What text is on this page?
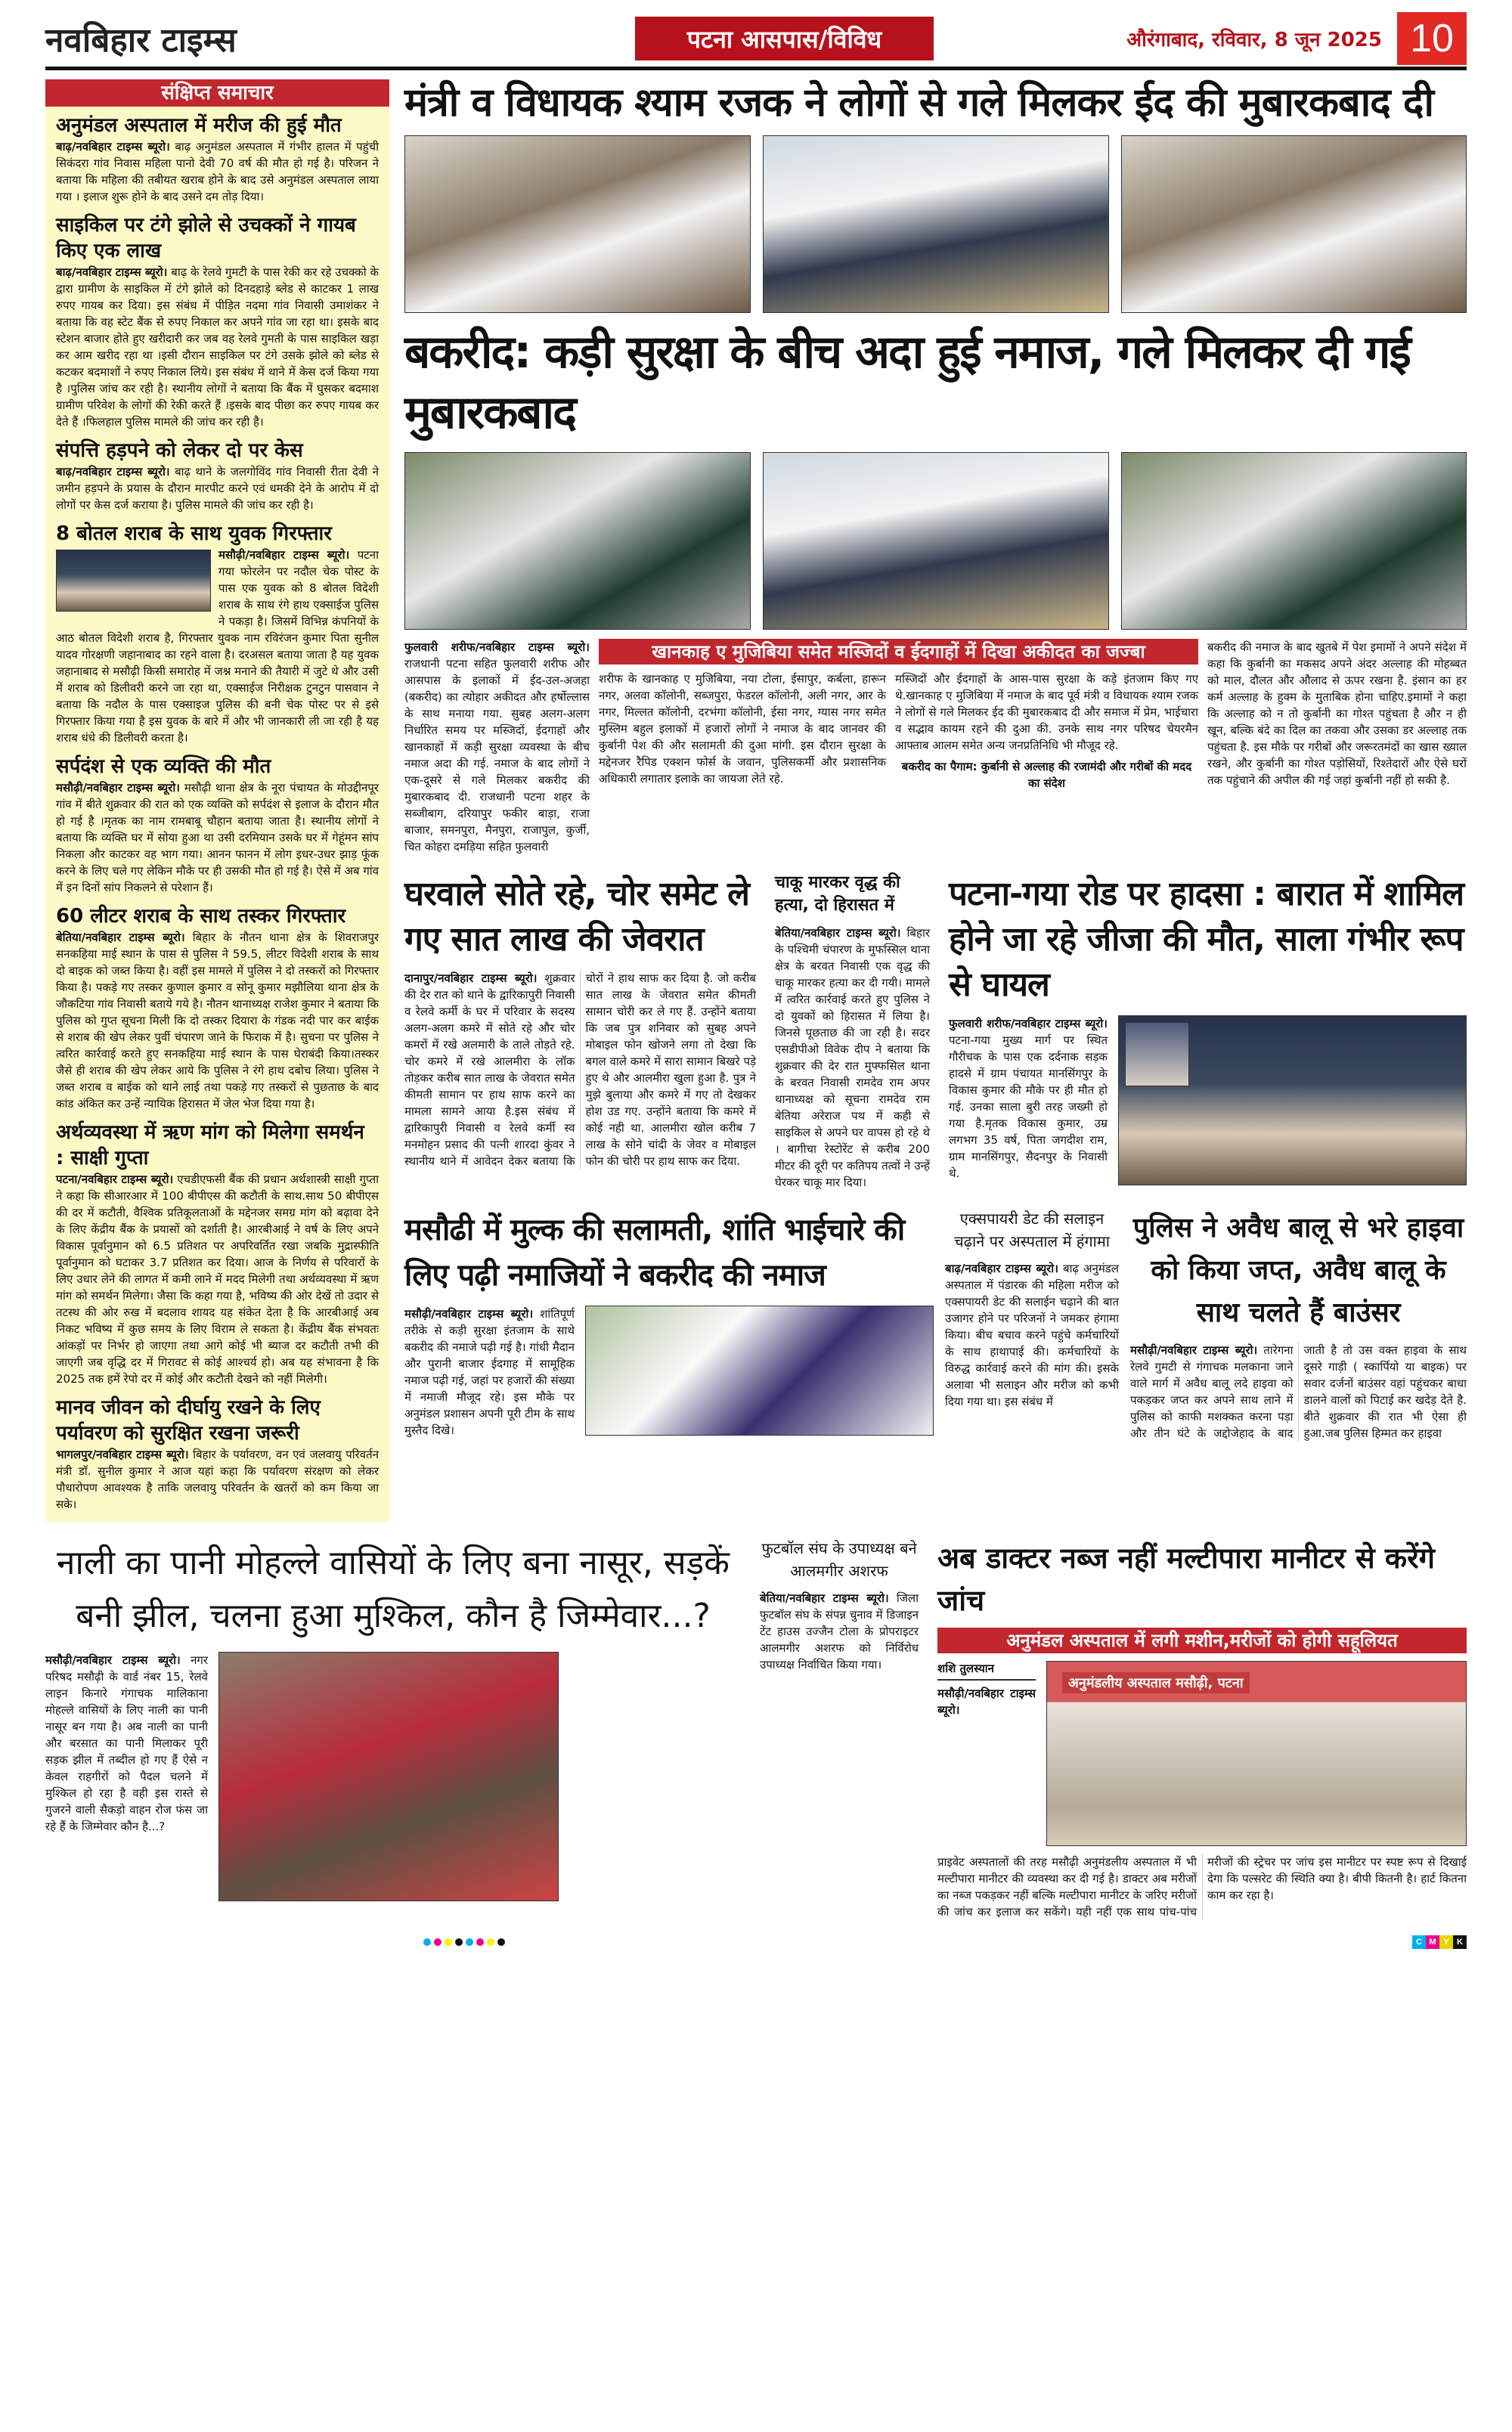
नवबिहार टाइम्स	पटना आसपास/विविध	औरंगाबाद, रविवार, 8 जून 2025 10
संक्षिप्त समाचार
अनुमंडल अस्पताल में मरीज की हुई मौत

बाढ़/नवबिहार टाइम्स ब्यूरो। बाढ़ अनुमंडल अस्पताल में गंभीर हालत में पहुंची सिकंदरा गांव निवास महिला पानो देवी 70 वर्ष की मौत हो गई है। परिजन ने बताया कि महिला की तबीयत खराब होने के बाद उसे अनुमंडल अस्पताल लाया गया । इलाज शुरू होने के बाद उसने दम तोड़ दिया।

साइकिल पर टंगे झोले से उचक्कों ने गायब किए एक लाख

बाढ़/नवबिहार टाइम्स ब्यूरो। बाढ़ के रेलवे गुमटी के पास रेकी कर रहे उचक्को के द्वारा ग्रामीण के साइकिल में टंगे झोले को दिनदहाड़े ब्लेड से काटकर 1 लाख रुपए गायब कर दिया। इस संबंध में पीड़ित नदमा गांव निवासी उमाशंकर ने बताया कि वह स्टेट बैंक से रुपए निकाल कर अपने गांव जा रहा था। इसके बाद स्टेशन बाजार होते हुए खरीदारी कर जब वह रेलवे गुमती के पास साइकिल खड़ा कर आम खरीद रहा था ।इसी दौरान साइकिल पर टंगे उसके झोले को ब्लेड से कटकर बदमाशों ने रुपए निकाल लिये। इस संबंध में थाने में केस दर्ज किया गया है ।पुलिस जांच कर रही है। स्थानीय लोगों ने बताया कि बैंक में घुसकर बदमाश ग्रामीण परिवेश के लोगों की रेकी करते हैं ।इसके बाद पीछा कर रुपए गायब कर देते हैं ।फिलहाल पुलिस मामले की जांच कर रही है।

संपत्ति हड़पने को लेकर दो पर केस

बाढ़/नवबिहार टाइम्स ब्यूरो। बाढ़ थाने के जलगोविंद गांव निवासी रीता देवी ने जमीन हड़पने के प्रयास के दौरान मारपीट करने एवं धमकी देने के आरोप में दो लोगों पर केस दर्ज कराया है। पुलिस मामले की जांच कर रही है।

8 बोतल शराब के साथ युवक गिरफ्तार

मसौढ़ी/नवबिहार टाइम्स ब्यूरो। पटना गया फोरलेन पर नदौल चेक पोस्ट के पास एक युवक को 8 बोतल विदेशी शराब के साथ रंगे हाथ एक्साईज पुलिस ने पकड़ा है। जिसमें विभिन्न कंपनियों के आठ बोतल विदेशी शराब है, गिरफ्तार युवक नाम रविरंजन कुमार पिता सुनील यादव गोरक्षणी जहानाबाद का रहने वाला है। दरअसल बताया जाता है यह युवक जहानाबाद से मसौढ़ी किसी समारोह में जश्न मनाने की तैयारी में जुटे थे और उसी में शराब को डिलीवरी करने जा रहा था, एक्साईज निरीक्षक टुनटुन पासवान ने बताया कि नदौल के पास एक्साइज पुलिस की बनी चेक पोस्ट पर से इसे गिरफ्तार किया गया है इस युवक के बारे में और भी जानकारी ली जा रही है यह शराब धंधे की डिलीवरी करता है।

सर्पदंश से एक व्यक्ति की मौत

मसौढ़ी/नवबिहार टाइम्स ब्यूरो। मसौढ़ी थाना क्षेत्र के नूरा पंचायत के मोउद्दीनपूर गांव में बीते शुक्रवार की रात को एक व्यक्ति को सर्पदंश से इलाज के दौरान मौत हो गई है ।मृतक का नाम रामबाबू चौहान बताया जाता है। स्थानीय लोगों ने बताया कि व्यक्ति घर में सोया हुआ था उसी दरमियान उसके घर में गेहूंमन सांप निकला और काटकर वह भाग गया। आनन फानन में लोग इधर-उधर झाड़ फूंक करने के लिए चले गए लेकिन मौके पर ही उसकी मौत हो गई है। ऐसे में अब गांव में इन दिनों सांप निकलने से परेशान हैं।

60 लीटर शराब के साथ तस्कर गिरफ्तार

बेतिया/नवबिहार टाइम्स ब्यूरो। बिहार के नौतन थाना क्षेत्र के शिवराजपुर सनकहिया माई स्थान के पास से पुलिस ने 59.5, लीटर विदेशी शराब के साथ दो बाइक को जब्त किया है। वहीं इस मामले में पुलिस ने दो तस्करों को गिरफ्तार किया है। पकड़े गए तस्कर कुणाल कुमार व सोनू कुमार मझौलिया थाना क्षेत्र के जौकटिया गांव निवासी बताये गये है। नौतन थानाध्यक्ष राजेश कुमार ने बताया कि पुलिस को गुप्त सूचना मिली कि दो तस्कर दियारा के गंडक नदी पार कर बाईक से शराब की खेप लेकर पुर्वी चंपारण जाने के फिराक में है। सुचना पर पुलिस ने त्वरित कार्रवाई करते हुए सनकहिया माई स्थान के पास घेराबंदी किया।तस्कर जैसे ही शराब की खेप लेकर आये कि पुलिस ने रंगे हाथ दबोच लिया। पुलिस ने जब्त शराब व बाईक को थाने लाई तथा पकड़े गए तस्करों से पुछताछ के बाद कांड अंकित कर उन्हें न्यायिक हिरासत में जेल भेज दिया गया है।

अर्थव्यवस्था में ऋण मांग को मिलेगा समर्थन : साक्षी गुप्ता

पटना/नवबिहार टाइम्स ब्यूरो। एचडीएफसी बैंक की प्रधान अर्थशास्त्री साक्षी गुप्ता ने कहा कि सीआरआर में 100 बीपीएस की कटौती के साथ.साथ 50 बीपीएस की दर में कटौती, वैश्विक प्रतिकूलताओं के मद्देनजर समग्र मांग को बढ़ावा देने के लिए केंद्रीय बैंक के प्रयासों को दर्शाती है। आरबीआई ने वर्ष के लिए अपने विकास पूर्वानुमान को 6.5 प्रतिशत पर अपरिवर्तित रखा जबकि मुद्रास्फीति पूर्वानुमान को घटाकर 3.7 प्रतिशत कर दिया। आज के निर्णय से परिवारों के लिए उधार लेने की लागत में कमी लाने में मदद मिलेगी तथा अर्थव्यवस्था में ऋण मांग को समर्थन मिलेगा। जैसा कि कहा गया है, भविष्य की ओर देखें तो उदार से तटस्थ की ओर रुख में बदलाव शायद यह संकेत देता है कि आरबीआई अब निकट भविष्य में कुछ समय के लिए विराम ले सकता है। केंद्रीय बैंक संभवतः आंकड़ों पर निर्भर हो जाएगा तथा आगे कोई भी ब्याज दर कटौती तभी की जाएगी जब वृद्धि दर में गिरावट से कोई आश्चर्य हो। अब यह संभावना है कि 2025 तक हमें रेपो दर में कोई और कटौती देखने को नहीं मिलेगी।

मानव जीवन को दीर्घायु रखने के लिए पर्यावरण को सुरक्षित रखना जरूरी

भागलपुर/नवबिहार टाइम्स ब्यूरो। बिहार के पर्यावरण, वन एवं जलवायु परिवर्तन मंत्री डॉ. सुनील कुमार ने आज यहां कहा कि पर्यावरण संरक्षण को लेकर पौधारोपण आवश्यक है ताकि जलवायु परिवर्तन के खतरों को कम किया जा सके।

मंत्री व विधायक श्याम रजक ने लोगों से गले मिलकर ईद की मुबारकबाद दी
बकरीद: कड़ी सुरक्षा के बीच अदा हुई नमाज, गले मिलकर दी गई मुबारकबाद
फुलवारी शरीफ/नवबिहार टाइम्स ब्यूरो। राजधानी पटना सहित फुलवारी शरीफ और आसपास के इलाकों में ईद-उल-अजहा (बकरीद) का त्योहार अकीदत और हर्षोल्लास के साथ मनाया गया. सुबह अलग-अलग निर्धारित समय पर मस्जिदों, ईदगाहों और खानकाहों में कड़ी सुरक्षा व्यवस्था के बीच नमाज अदा की गई. नमाज के बाद लोगों ने एक-दूसरे से गले मिलकर बकरीद की मुबारकबाद दी. राजधानी पटना शहर के सब्जीबाग, दरियापुर फकीर बाड़ा, राजा बाजार, समनपुरा, मैनपुरा, राजापुल, कुर्जी, चित कोहरा दमड़िया सहित फुलवारी
खानकाह ए मुजिबिया समेत मस्जिदों व ईदगाहों में दिखा अकीदत का जज्बा
शरीफ के खानकाह ए मुजिबिया, नया टोला, ईसापुर, कर्बला, हारून नगर, अलवा कॉलोनी, सब्जपुरा, फेडरल कॉलोनी, अली नगर, आर के नगर, मिल्लत कॉलोनी, दरभंगा कॉलोनी, ईसा नगर, ग्यास नगर समेत मुस्लिम बहुल इलाकों में हजारों लोगों ने नमाज के बाद जानवर की कुर्बानी पेश की और सलामती की दुआ मांगी. इस दौरान सुरक्षा के मद्देनजर रैपिड एक्शन फोर्स के जवान, पुलिसकर्मी और प्रशासनिक अधिकारी लगातार इलाके का जायजा लेते रहे.
मस्जिदों और ईदगाहों के आस-पास सुरक्षा के कड़े इंतजाम किए गए थे.खानकाह ए मुजिबिया में नमाज के बाद पूर्व मंत्री व विधायक श्याम रजक ने लोगों से गले मिलकर ईद की मुबारकबाद दी और समाज में प्रेम, भाईचारा व सद्भाव कायम रहने की दुआ की. उनके साथ नगर परिषद चेयरमैन आफ्ताब आलम समेत अन्य जनप्रतिनिधि भी मौजूद रहे.
बकरीद का पैगाम: कुर्बानी से अल्लाह की रजामंदी और गरीबों की मदद का संदेश
बकरीद की नमाज के बाद खुतबे में पेश इमामों ने अपने संदेश में कहा कि कुर्बानी का मकसद अपने अंदर अल्लाह की मोहब्बत को माल, दौलत और औलाद से ऊपर रखना है. इंसान का हर कर्म अल्लाह के हुक्म के मुताबिक होना चाहिए.इमामों ने कहा कि अल्लाह को न तो कुर्बानी का गोश्त पहुंचता है और न ही खून, बल्कि बंदे का दिल का तकवा और उसका डर अल्लाह तक पहुंचता है. इस मौके पर गरीबों और जरूरतमंदों का खास ख्याल रखने, और कुर्बानी का गोश्त पड़ोसियों, रिश्तेदारों और ऐसे घरों तक पहुंचाने की अपील की गई जहां कुर्बानी नहीं हो सकी है.
घरवाले सोते रहे, चोर समेट ले गए सात लाख की जेवरात
दानापुर/नवबिहार टाइम्स ब्यूरो। शुक्रवार की देर रात को थाने के द्वारिकापुरी निवासी व रेलवे कर्मी के घर में परिवार के सदस्य अलग-अलग कमरे में सोते रहे और चोर कमरों में रखे अलमारी के ताले तोड़ते रहे. चोर कमरे में रखे आलमीरा के लॉक तोड़कर करीब सात लाख के जेवरात समेत कीमती सामान पर हाथ साफ करने का मामला सामने आया है.इस संबंध में द्वारिकापुरी निवासी व रेलवे कर्मी स्व मनमोहन प्रसाद की पत्नी शारदा कुंवर ने स्थानीय थाने में आवेदन देकर बताया कि चोरों ने हाथ साफ कर दिया है. जो करीब सात लाख के जेवरात समेत कीमती सामान चोरी कर ले गए हैं. उन्होंने बताया कि जब पुत्र शनिवार को सुबह अपने मोबाइल फोन खोजने लगा तो देखा कि बगल वाले कमरे में सारा सामान बिखरे पड़े हुए थे और आलमीरा खुला हुआ है. पुत्र ने मुझे बुलाया और कमरे में गए तो देखकर होश उड गए. उन्होंने बताया कि कमरे में कोई नही था. आलमीरा खोल करीब 7 लाख के सोने चांदी के जेवर व मोबाइल फोन की चोरी पर हाथ साफ कर दिया.
चाकू मारकर वृद्ध की हत्या, दो हिरासत में
बेतिया/नवबिहार टाइम्स ब्यूरो। बिहार के पश्चिमी चंपारण के मुफस्सिल थाना क्षेत्र के बरवत निवासी एक वृद्ध की चाकू मारकर हत्या कर दी गयी। मामले में त्वरित कार्रवाई करते हुए पुलिस ने दो युवकों को हिरासत में लिया है। जिनसे पूछताछ की जा रही है। सदर एसडीपीओ विवेक दीप ने बताया कि शुक्रवार की देर रात मुफ्फसिल थाना के बरवत निवासी रामदेव राम अपर थानाध्यक्ष को सूचना रामदेव राम बेतिया अरेराज पथ में कही से साइकिल से अपने घर वापस हो रहे थे । बागीचा रेस्टोरेंट से करीब 200 मीटर की दूरी पर कतिपय तत्वों ने उन्हें घेरकर चाकू मार दिया।
पटना-गया रोड पर हादसा : बारात में शामिल होने जा रहे जीजा की मौत, साला गंभीर रूप से घायल
फुलवारी शरीफ/नवबिहार टाइम्स ब्यूरो। पटना-गया मुख्य मार्ग पर स्थित गौरीचक के पास एक दर्दनाक सड़क हादसे में ग्राम पंचायत मानसिंगपुर के विकास कुमार की मौके पर ही मौत हो गई. उनका साला बुरी तरह जख्मी हो गया है.मृतक विकास कुमार, उम्र लगभग 35 वर्ष, पिता जगदीश राम, ग्राम मानसिंगपुर, सैदनपुर के निवासी थे.
मसौढी में मुल्क की सलामती, शांति भाईचारे की लिए पढ़ी नमाजियों ने बकरीद की नमाज
मसौढ़ी/नवबिहार टाइम्स ब्यूरो। शांतिपूर्ण तरीके से कड़ी सुरक्षा इंतजाम के साथे बकरीद की नमाजे पढ़ी गई है। गांधी मैदान और पुरानी बाजार ईदगाह में सामूहिक नमाज पढ़ी गई, जहां पर हजारों की संख्या में नमाजी मौजूद रहे। इस मौके पर अनुमंडल प्रशासन अपनी पूरी टीम के साथ मुस्तैद दिखे।
एक्सपायरी डेट की सलाइन चढ़ाने पर अस्पताल में हंगामा
बाढ़/नवबिहार टाइम्स ब्यूरो। बाढ़ अनुमंडल अस्पताल में पंडारक की महिला मरीज को एक्सपायरी डेट की सलाईन चढ़ाने की बात उजागर होने पर परिजनों ने जमकर हंगामा किया। बीच बचाव करने पहुंचे कर्मचारियों के साथ हाथापाई की। कर्मचारियों के विरुद्ध कार्रवाई करने की मांग की। इसके अलावा भी सलाइन और मरीज को कभी दिया गया था। इस संबंध में
पुलिस ने अवैध बालू से भरे हाइवा को किया जप्त, अवैध बालू के साथ चलते हैं बाउंसर
मसौढ़ी/नवबिहार टाइम्स ब्यूरो। तारेगना रेलवे गुमटी से गंगाचक मलकाना जाने वाले मार्ग में अवैध बालू लदे हाइवा को पकड़कर जप्त कर अपने साथ लाने में पुलिस को काफी मशक्कत करना पड़ा और तीन घंटे के जद्दोजेहाद के बाद जाती है तो उस वक्त हाइवा के साथ दूसरे गाड़ी ( स्कार्पियो या बाइक) पर सवार दर्जनों बाउंसर वहां पहुंचकर बाधा डालने वालों को पिटाई कर खदेड़ देते है. बीते शुक्रवार की रात भी ऐसा ही हुआ.जब पुलिस हिम्मत कर हाइवा
नाली का पानी मोहल्ले वासियों के लिए बना नासूर, सड़कें बनी झील, चलना हुआ मुश्किल, कौन है जिम्मेवार...?
मसौढ़ी/नवबिहार टाइम्स ब्यूरो। नगर परिषद मसौढ़ी के वार्ड नंबर 15, रेलवे लाइन किनारे गंगाचक मालिकाना मोहल्ले वासियों के लिए नाली का पानी नासूर बन गया है। अब नाली का पानी और बरसात का पानी मिलाकर पूरी सड़क झील में तब्दील हो गए हैं ऐसे न केवल राहगीरों को पैदल चलने में मुश्किल हो रहा है वही इस रास्ते से गुजरने वाली सैकड़ो वाहन रोज फंस जा रहे हैं के जिम्मेवार कौन है...?
फुटबॉल संघ के उपाध्यक्ष बने आलमगीर अशरफ
बेतिया/नवबिहार टाइम्स ब्यूरो। जिला फुटबॉल संघ के संपन्न चुनाव में डिजाइन टेंट हाउस उज्जैन टोला के प्रोपराइटर आलमगीर अशरफ को निर्विरोध उपाध्यक्ष निर्वाचित किया गया।
अब डाक्टर नब्ज नहीं मल्टीपारा मानीटर से करेंगे जांच
अनुमंडल अस्पताल में लगी मशीन,मरीजों को होगी सहूलियत
शशि तुलस्यान
मसौढ़ी/नवबिहार टाइम्स ब्यूरो।
अनुमंडलीय अस्पताल मसौढ़ी, पटना
प्राइवेट अस्पतालों की तरह मसौढ़ी अनुमंडलीय अस्पताल में भी मल्टीपारा मानीटर की व्यवस्था कर दी गई है। डाक्टर अब मरीजों का नब्ज पकड़कर नहीं बल्कि मल्टीपारा मानीटर के जरिए मरीजों की जांच कर इलाज कर सकेंगे। यही नहीं एक साथ पांच-पांच मरीजों की स्ट्रेचर पर जांच इस मानीटर पर स्पष्ट रूप से दिखाई देगा कि पल्सरेट की स्थिति क्या है। बीपी कितनी है। हार्ट कितना काम कर रहा है।
C M Y K
